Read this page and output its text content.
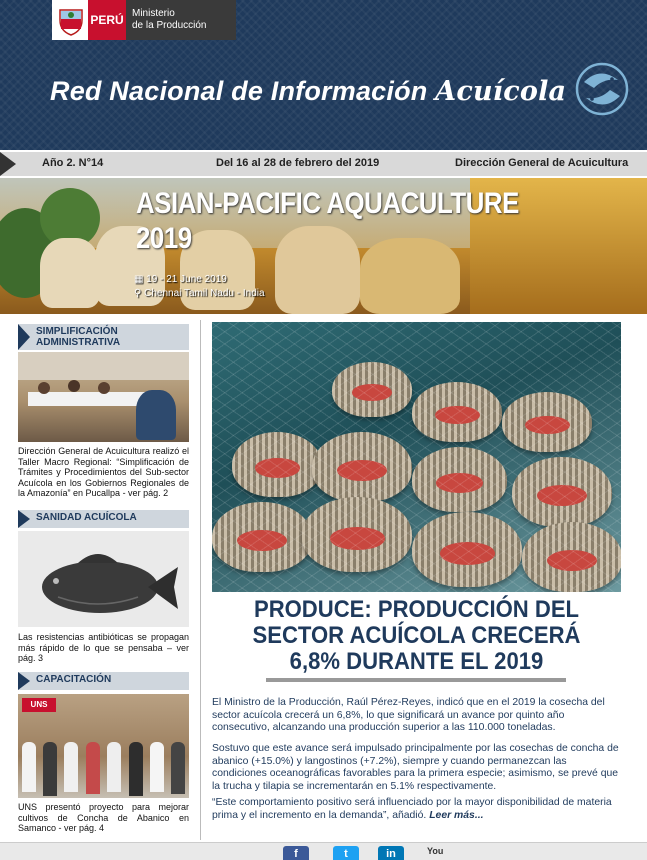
PERÚ Ministerio
de la Producción
Red Nacional de Información Acuícola
Año 2. N°14	Del 16 al 28 de febrero del 2019	Dirección General de Acuicultura
ASIAN-PACIFIC AQUACULTURE
2019
▦ 19 - 21 June 2019
⚲ Chennai Tamil Nadu - India
SIMPLIFICACIÓN
ADMINISTRATIVA
Dirección General de Acuicultura realizó el Taller Macro Regional: “Simplificación de Trámites y Procedimientos del Sub-sector Acuícola en los Gobiernos Regionales de la Amazonía” en Pucallpa - ver pág. 2
SANIDAD ACUÍCOLA
Las resistencias antibióticas se propagan más rápido de lo que se pensaba – ver pág. 3
CAPACITACIÓN
UNS
UNS presentó proyecto para mejorar cultivos de Concha de Abanico en Samanco - ver pág. 4
PRODUCE: PRODUCCIÓN DEL
SECTOR ACUÍCOLA CRECERÁ
6,8% DURANTE EL 2019
El Ministro de la Producción, Raúl Pérez-Reyes, indicó que en el 2019 la cosecha del sector acuícola crecerá un 6,8%, lo que significará un avance por quinto año consecutivo, alcanzando una producción superior a las 110.000 toneladas.
Sostuvo que este avance será impulsado principalmente por las cosechas de concha de abanico (+15.0%) y langostinos (+7.2%), siempre y cuando permanezcan las condiciones oceanográficas favorables para la primera especie; asimismo, se prevé que la trucha y tilapia se incrementarán en 5.1% respectivamente.
“Este comportamiento positivo será influenciado por la mayor disponibilidad de materia prima y el incremento en la demanda”, añadió. Leer más...
f	t	in	You
